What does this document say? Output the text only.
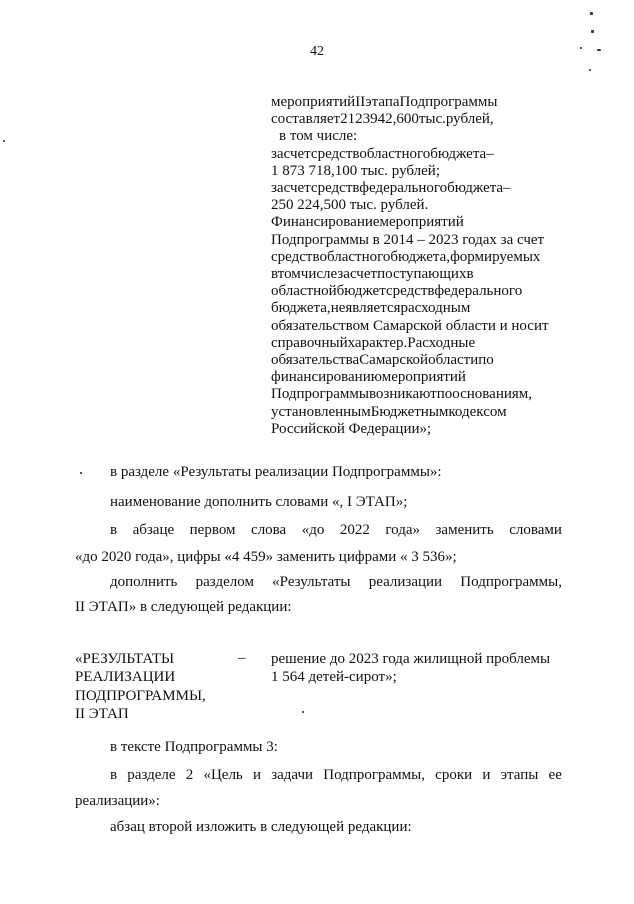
42
мероприятийIIэтапаПодпрограммы
составляет2123942,600тыс.рублей,
в том числе:
засчетсредствобластногобюджета–
1 873 718,100 тыс. рублей;
засчетсредствфедеральногобюджета–
250 224,500 тыс. рублей.
Финансированиемероприятий
Подпрограммы в 2014 – 2023 годах за счет
средствобластногобюджета,формируемых
втомчислезасчетпоступающихв
областнойбюджетсредствфедерального
бюджета,неявляетсярасходным
обязательством Самарской области и носит
справочныйхарактер.Расходные
обязательстваСамарскойобластипо
финансированиюмероприятий
Подпрограммывозникаютпооснованиям,
установленнымБюджетнымкодексом
Российской Федерации»;
в разделе «Результаты реализации Подпрограммы»:
наименование дополнить словами «, I ЭТАП»;
в абзаце первом слова «до 2022 года» заменить словами
«до 2020 года», цифры «4 459» заменить цифрами « 3 536»;
дополнить разделом «Результаты реализации Подпрограммы,
II ЭТАП» в следующей редакции:
«РЕЗУЛЬТАТЫ
РЕАЛИЗАЦИИ
ПОДПРОГРАММЫ,
II ЭТАП
– решение до 2023 года жилищной проблемы
1 564 детей-сирот»;
в тексте Подпрограммы 3:
в разделе 2 «Цель и задачи Подпрограммы, сроки и этапы ее
реализации»:
абзац второй изложить в следующей редакции:
